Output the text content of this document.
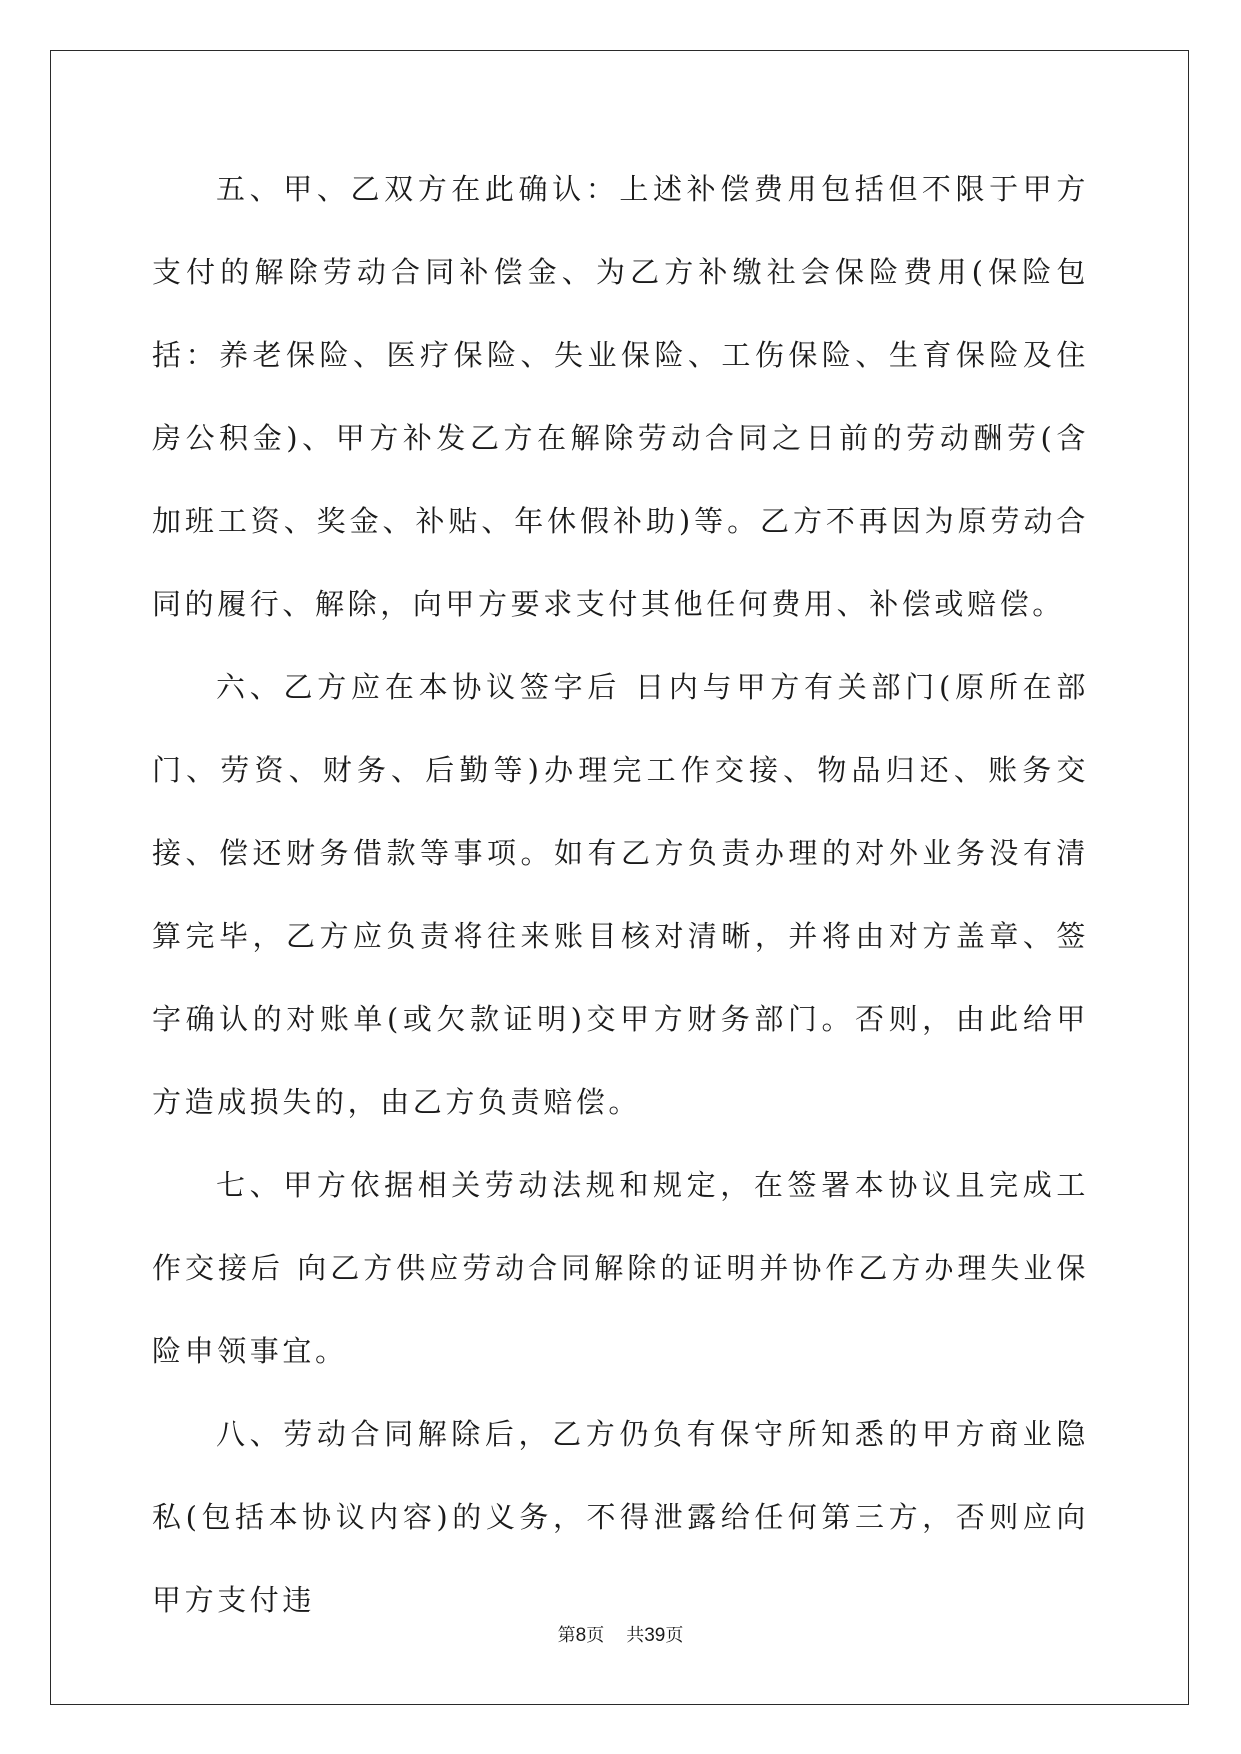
五、甲、乙双方在此确认：上述补偿费用包括但不限于甲方支付的解除劳动合同补偿金、为乙方补缴社会保险费用(保险包括：养老保险、医疗保险、失业保险、工伤保险、生育保险及住房公积金)、甲方补发乙方在解除劳动合同之日前的劳动酬劳(含加班工资、奖金、补贴、年休假补助)等。乙方不再因为原劳动合同的履行、解除，向甲方要求支付其他任何费用、补偿或赔偿。

六、乙方应在本协议签字后 日内与甲方有关部门(原所在部门、劳资、财务、后勤等)办理完工作交接、物品归还、账务交接、偿还财务借款等事项。如有乙方负责办理的对外业务没有清算完毕，乙方应负责将往来账目核对清晰，并将由对方盖章、签字确认的对账单(或欠款证明)交甲方财务部门。否则，由此给甲方造成损失的，由乙方负责赔偿。

七、甲方依据相关劳动法规和规定，在签署本协议且完成工作交接后 向乙方供应劳动合同解除的证明并协作乙方办理失业保险申领事宜。

八、劳动合同解除后，乙方仍负有保守所知悉的甲方商业隐私(包括本协议内容)的义务，不得泄露给任何第三方，否则应向甲方支付违

第8页 共39页
